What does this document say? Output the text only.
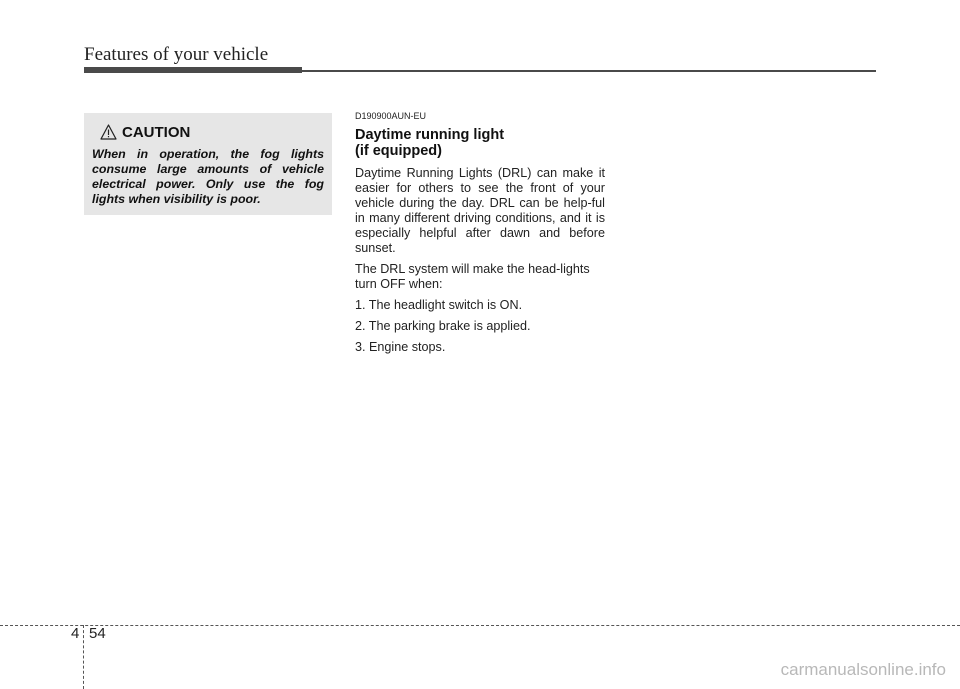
Features of your vehicle
CAUTION
When in operation, the fog lights consume large amounts of vehicle electrical power. Only use the fog lights when visibility is poor.
D190900AUN-EU
Daytime running light
(if equipped)
Daytime Running Lights (DRL) can make it easier for others to see the front of your vehicle during the day. DRL can be help-ful in many different driving conditions, and it is especially helpful after dawn and before sunset.
The DRL system will make the head-lights turn OFF when:
1. The headlight switch is ON.
2. The parking brake is applied.
3. Engine stops.
4 54
carmanualsonline.info
